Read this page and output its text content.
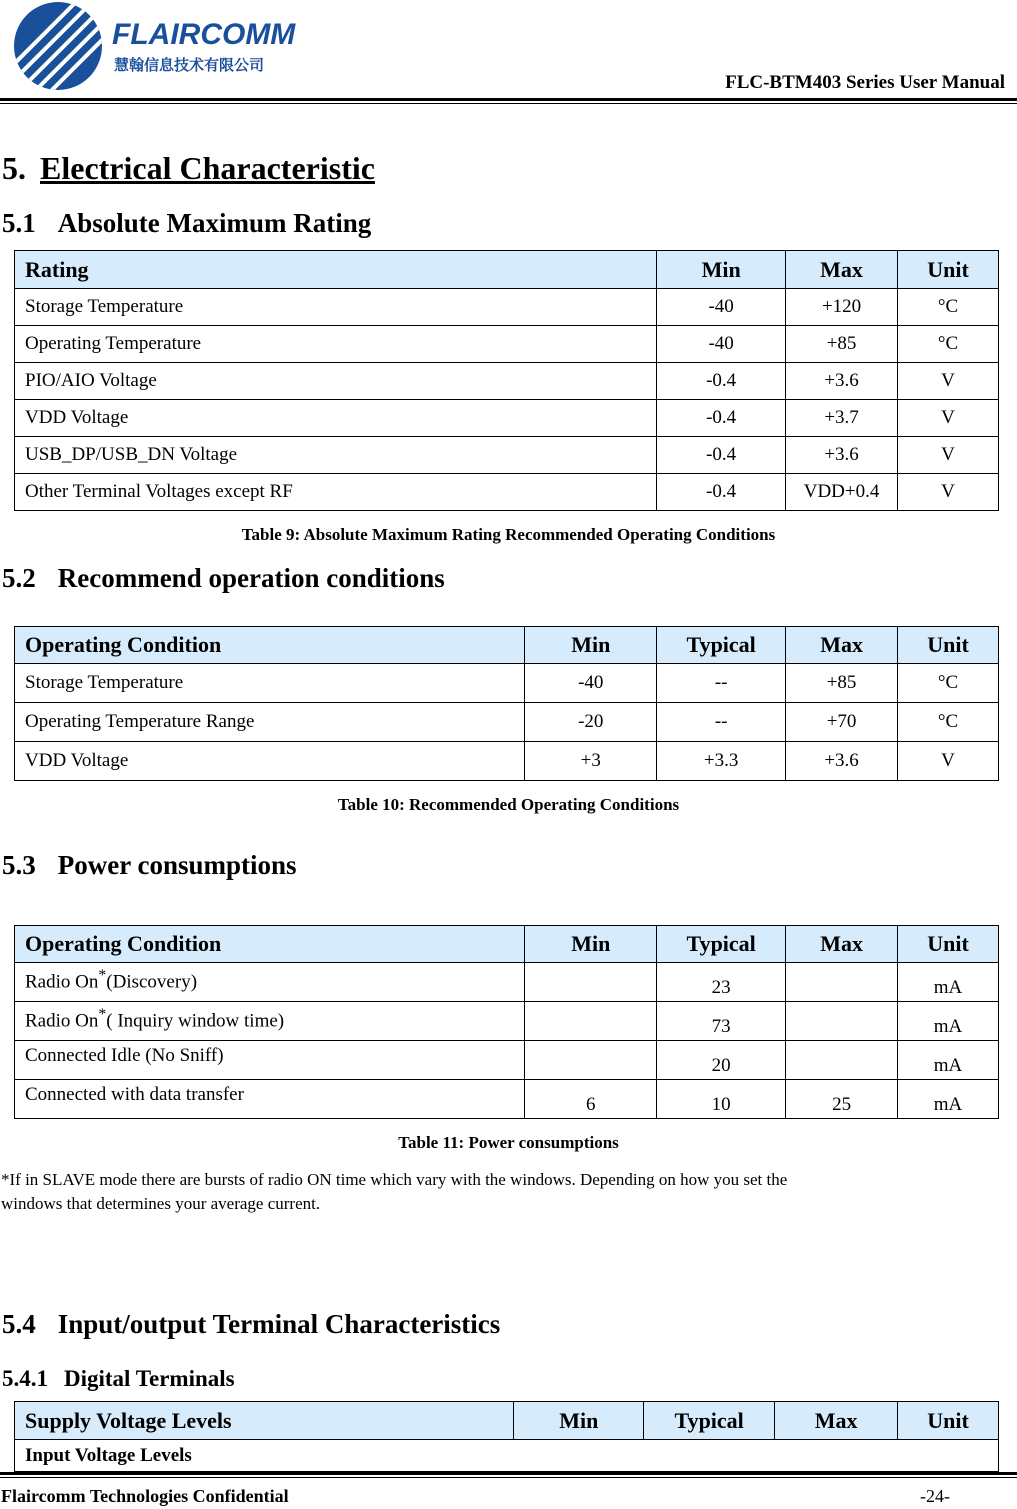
FLAIRCOMM
慧翰信息技术有限公司
FLC-BTM403 Series User Manual
5. Electrical Characteristic
5.1 Absolute Maximum Rating
Rating	Min	Max	Unit
Storage Temperature	-40	+120	°C
Operating Temperature	-40	+85	°C
PIO/AIO Voltage	-0.4	+3.6	V
VDD Voltage	-0.4	+3.7	V
USB_DP/USB_DN Voltage	-0.4	+3.6	V
Other Terminal Voltages except RF	-0.4	VDD+0.4	V
Table 9: Absolute Maximum Rating Recommended Operating Conditions
5.2 Recommend operation conditions
Operating Condition	Min	Typical	Max	Unit
Storage Temperature	-40	--	+85	°C
Operating Temperature Range	-20	--	+70	°C
VDD Voltage	+3	+3.3	+3.6	V
Table 10: Recommended Operating Conditions
5.3 Power consumptions
Operating Condition	Min	Typical	Max	Unit
Radio On*(Discovery)		23		mA
Radio On*( Inquiry window time)		73		mA
Connected Idle (No Sniff)		20		mA
Connected with data transfer	6	10	25	mA
Table 11: Power consumptions
*If in SLAVE mode there are bursts of radio ON time which vary with the windows. Depending on how you set the
windows that determines your average current.
5.4 Input/output Terminal Characteristics
5.4.1 Digital Terminals
Supply Voltage Levels	Min	Typical	Max	Unit
Input Voltage Levels
Flaircomm Technologies Confidential	-24-
